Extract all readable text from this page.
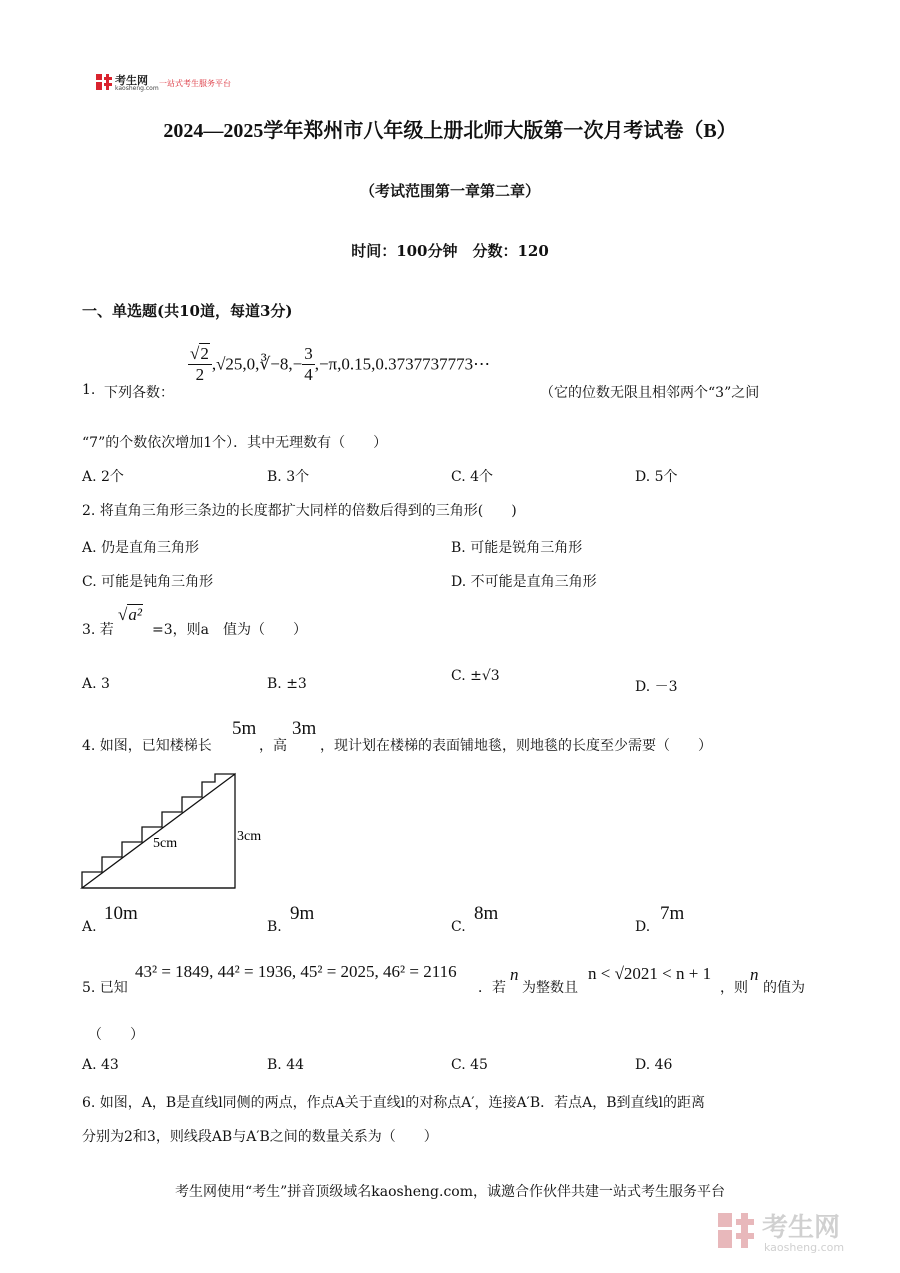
考生网
kaosheng.com
一站式考生服务平台
2024—2025学年郑州市八年级上册北师大版第一次月考试卷（B）
（考试范围第一章第二章）
时间：100分钟　分数：120
一、单选题(共10道，每道3分)
1. 下列各数：
$\frac{√2}{2}$ ,√25,0,∛−8,− $\frac{3}{4}$ ,−π,0.15,0.3737737773⋯
（它的位数无限且相邻两个“3”之间
“7”的个数依次增加1个）．其中无理数有（　　）
A. 2个	B. 3个	C. 4个	D. 5个
2. 将直角三角形三条边的长度都扩大同样的倍数后得到的三角形(　　)
A. 仍是直角三角形	B. 可能是锐角三角形
C. 可能是钝角三角形	D. 不可能是直角三角形
3. 若
√a²
=3，则a　值为（　　）
A. 3	B. ±3	C. ±√3
D. －3
4. 如图，已知楼梯长
5m
，高
3m
，现计划在楼梯的表面铺地毯，则地毯的长度至少需要（　　）
5cm	3cm
A.
10m
B.
9m
C.
8m
D.
7m
5. 已知
43² = 1849, 44² = 1936, 45² = 2025, 46² = 2116
．若
n
为整数且
n < √2021 < n + 1
，则
n
的值为
（　　）
A. 43	B. 44	C. 45	D. 46
6. 如图，A，B是直线l同侧的两点，作点A关于直线l的对称点A′，连接A′B．若点A，B到直线l的距离
分别为2和3，则线段AB与A′B之间的数量关系为（　　）
考生网使用“考生”拼音顶级域名kaosheng.com，诚邀合作伙伴共建一站式考生服务平台
考生网
kaosheng.com
